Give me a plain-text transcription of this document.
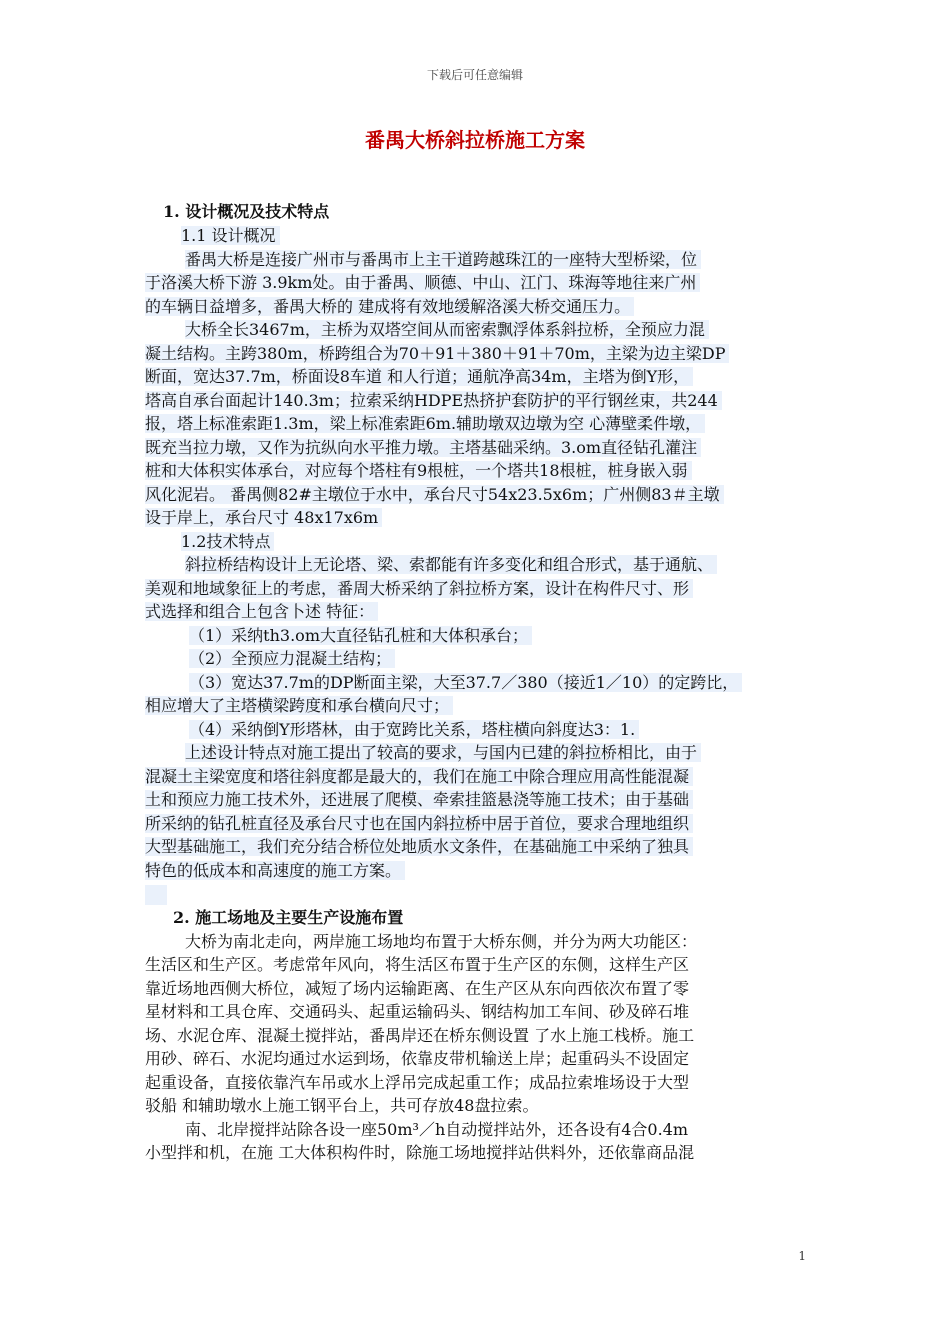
下载后可任意编辑
番禺大桥斜拉桥施工方案
1. 设计概况及技术特点
1.1 设计概况
番禺大桥是连接广州市与番禺市上主干道跨越珠江的一座特大型桥梁，位
于洛溪大桥下游 3.9km处。由于番禺、顺德、中山、江门、珠海等地往来广州
的车辆日益增多，番禺大桥的 建成将有效地缓解洛溪大桥交通压力。
大桥全长3467m，主桥为双塔空间从而密索飘浮体系斜拉桥，全预应力混
凝土结构。主跨380m，桥跨组合为70＋91＋380＋91＋70m，主梁为边主梁DP
断面，宽达37.7m，桥面设8车道 和人行道；通航净高34m，主塔为倒Y形，
塔高自承台面起计140.3m；拉索采纳HDPE热挤护套防护的平行钢丝束，共244
报，塔上标准索距1.3m，梁上标准索距6m.辅助墩双边墩为空 心薄壁柔件墩，
既充当拉力墩，又作为抗纵向水平推力墩。主塔基础采纳。3.om直径钻孔灌注
桩和大体积实体承台，对应每个塔柱有9根桩，一个塔共18根桩，桩身嵌入弱
风化泥岩。 番禺侧82#主墩位于水中，承台尺寸54x23.5x6m；广州侧83＃主墩
设于岸上，承台尺寸 48x17x6m
1.2技术特点
斜拉桥结构设计上无论塔、梁、索都能有许多变化和组合形式，基于通航、
美观和地域象征上的考虑，番周大桥采纳了斜拉桥方案，设计在构件尺寸、形
式选择和组合上包含卜述 特征：
（1）采纳th3.om大直径钻孔桩和大体积承台；
（2）全预应力混凝土结构；
（3）宽达37.7m的DP断面主梁，大至37.7／380（接近1／10）的定跨比，
相应增大了主塔横梁跨度和承台横向尺寸；
（4）采纳倒Y形塔林，由于宽跨比关系，塔柱横向斜度达3：1.
上述设计特点对施工提出了较高的要求，与国内已建的斜拉桥相比，由于
混凝土主梁宽度和塔往斜度都是最大的，我们在施工中除合理应用高性能混凝
土和预应力施工技术外，还进展了爬模、牵索挂篮悬浇等施工技术；由于基础
所采纳的钻孔桩直径及承台尺寸也在国内斜拉桥中居于首位，要求合理地组织
大型基础施工，我们充分结合桥位处地质水文条件，在基础施工中采纳了独具
特色的低成本和高速度的施工方案。
2. 施工场地及主要生产设施布置
大桥为南北走向，两岸施工场地均布置于大桥东侧，并分为两大功能区：
生活区和生产区。考虑常年风向，将生活区布置于生产区的东侧，这样生产区
靠近场地西侧大桥位，减短了场内运输距离、在生产区从东向西依次布置了零
星材料和工具仓库、交通码头、起重运输码头、钢结构加工车间、砂及碎石堆
场、水泥仓库、混凝土搅拌站，番禺岸还在桥东侧设置 了水上施工栈桥。施工
用砂、碎石、水泥均通过水运到场，依靠皮带机输送上岸；起重码头不设固定
起重设备，直接依靠汽车吊或水上浮吊完成起重工作；成品拉索堆场设于大型
驳船 和辅助墩水上施工钢平台上，共可存放48盘拉索。
南、北岸搅拌站除各设一座50m³／h自动搅拌站外，还各设有4合0.4m
小型拌和机，在施 工大体积构件时，除施工场地搅拌站供料外，还依靠商品混
1
